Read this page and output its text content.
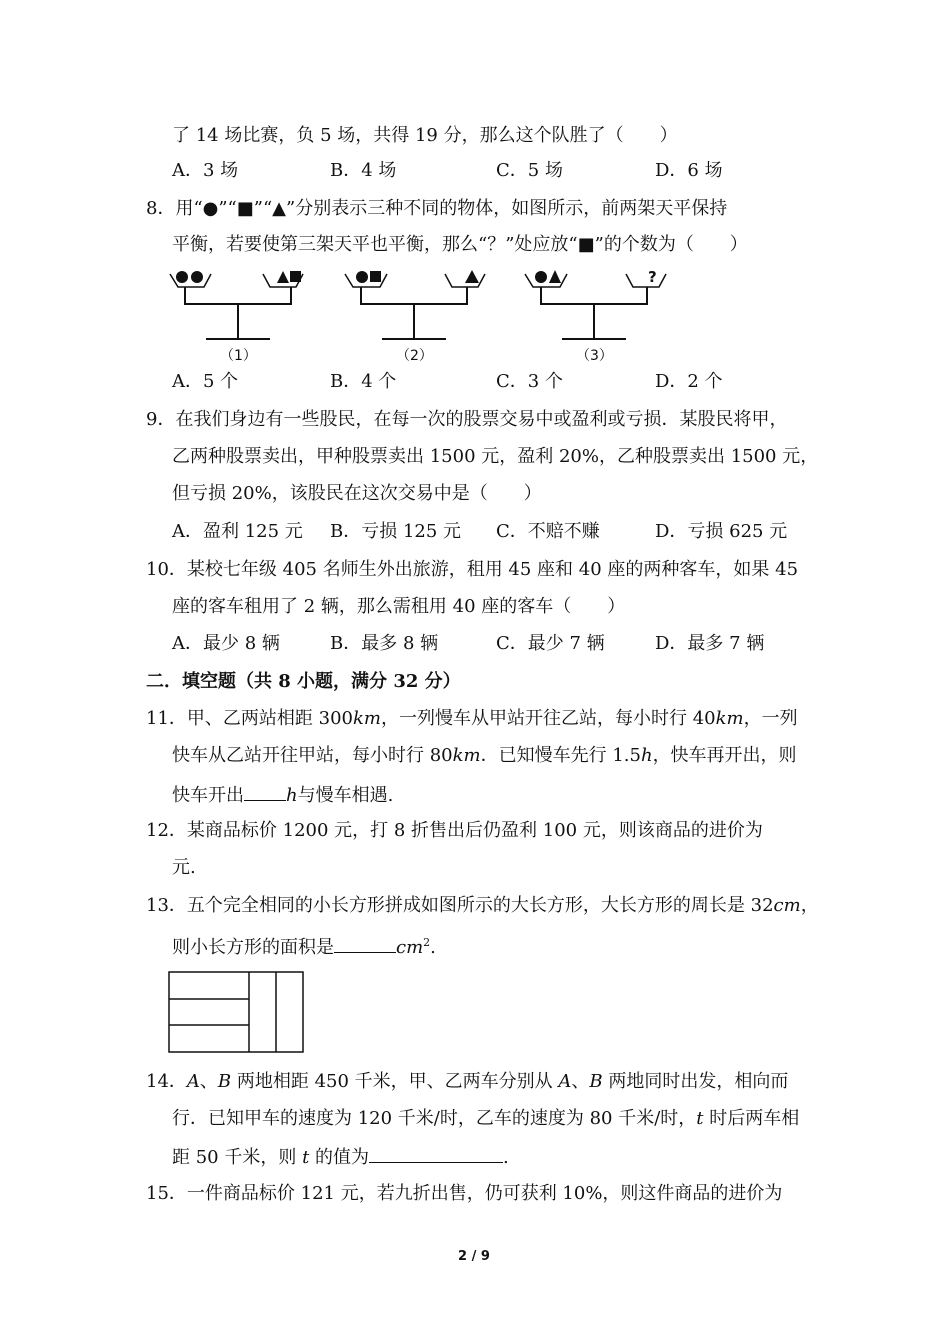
了 14 场比赛，负 5 场，共得 19 分，那么这个队胜了（　　）
A．3 场	B．4 场	C．5 场	D．6 场
8．用“●”“■”“▲”分别表示三种不同的物体，如图所示，前两架天平保持
平衡，若要使第三架天平也平衡，那么“？”处应放“■”的个数为（　　）
?
（1）	（2）	（3）
A．5 个	B．4 个	C．3 个	D．2 个
9．在我们身边有一些股民，在每一次的股票交易中或盈利或亏损．某股民将甲，
乙两种股票卖出，甲种股票卖出 1500 元，盈利 20%，乙种股票卖出 1500 元，
但亏损 20%，该股民在这次交易中是（　　）
A．盈利 125 元 B．亏损 125 元 C．不赔不赚	D．亏损 625 元
10．某校七年级 405 名师生外出旅游，租用 45 座和 40 座的两种客车，如果 45
座的客车租用了 2 辆，那么需租用 40 座的客车（　　）
A．最少 8 辆	B．最多 8 辆	C．最少 7 辆	D．最多 7 辆
二．填空题（共 8 小题，满分 32 分）
11．甲、乙两站相距 300km，一列慢车从甲站开往乙站，每小时行 40km，一列
快车从乙站开往甲站，每小时行 80km．已知慢车先行 1.5h，快车再开出，则
快车开出 h与慢车相遇.
12．某商品标价 1200 元，打 8 折售出后仍盈利 100 元，则该商品的进价为
元.
13．五个完全相同的小长方形拼成如图所示的大长方形，大长方形的周长是 32cm，
则小长方形的面积是	$cm^2$.
14．A、B 两地相距 450 千米，甲、乙两车分别从 A、B 两地同时出发，相向而
行．已知甲车的速度为 120 千米/时，乙车的速度为 80 千米/时，t 时后两车相
距 50 千米，则 t 的值为	.
15．一件商品标价 121 元，若九折出售，仍可获利 10%，则这件商品的进价为
2 / 9
